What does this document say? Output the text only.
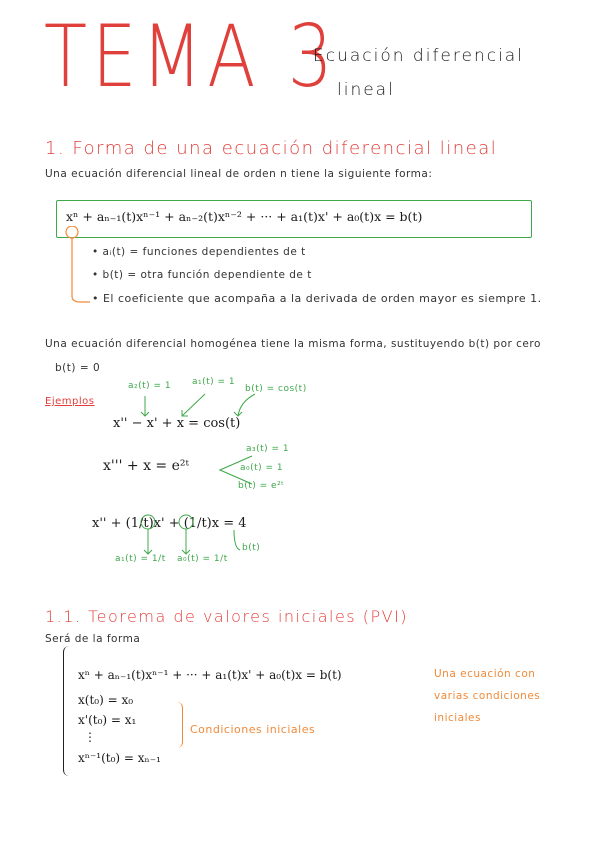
TEMA 3
Ecuación diferencial
lineal
1. Forma de una ecuación diferencial lineal
Una ecuación diferencial lineal de orden n tiene la siguiente forma:
xⁿ + aₙ₋₁(t)xⁿ⁻¹ + aₙ₋₂(t)xⁿ⁻² + ··· + a₁(t)x' + a₀(t)x = b(t)
• aᵢ(t) = funciones dependientes de t
• b(t) = otra función dependiente de t
• El coeficiente que acompaña a la derivada de orden mayor es siempre 1.
Una ecuación diferencial homogénea tiene la misma forma, sustituyendo b(t) por cero
b(t) = 0
Ejemplos
a₂(t) = 1 a₁(t) = 1
b(t) = cos(t)
x'' − x' + x = cos(t)
x''' + x = e²ᵗ
a₃(t) = 1
a₀(t) = 1
b(t) = e²ᵗ
x'' + (1/t)x' + (1/t)x = 4
a₁(t) = 1/t a₀(t) = 1/t
b(t)
1.1. Teorema de valores iniciales (PVI)
Será de la forma
xⁿ + aₙ₋₁(t)xⁿ⁻¹ + ··· + a₁(t)x' + a₀(t)x = b(t)
x(t₀) = x₀
x'(t₀) = x₁
⋮
xⁿ⁻¹(t₀) = xₙ₋₁
Condiciones iniciales
Una ecuación con
varias condiciones
iniciales
